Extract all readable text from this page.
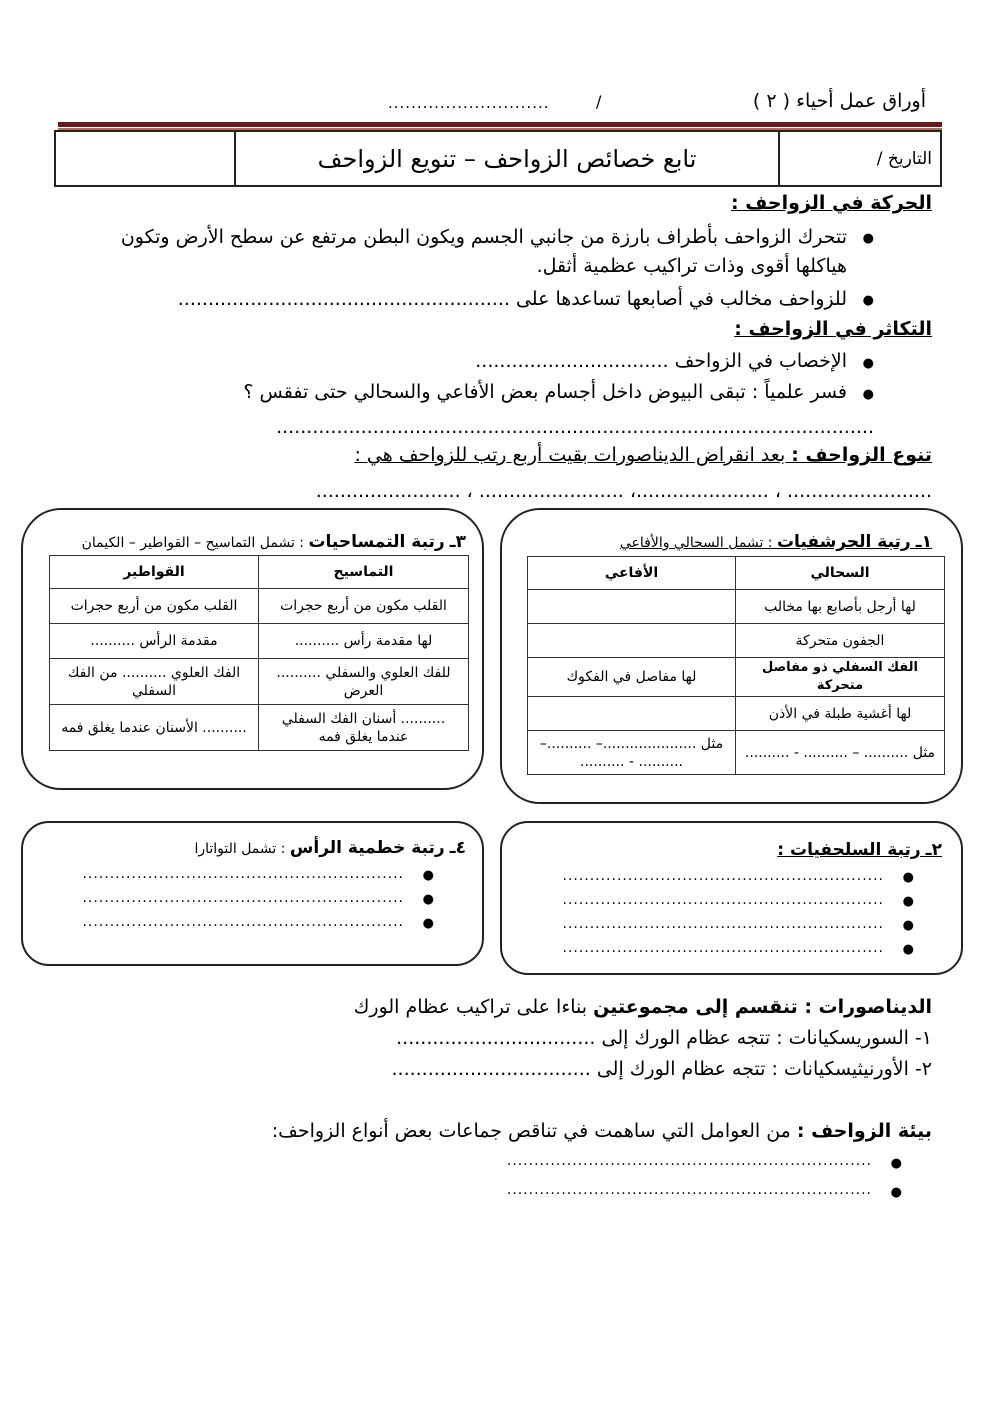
أوراق عمل أحياء ( ٢ )
/
............................
التاريخ /
تابع خصائص الزواحف – تنويع الزواحف
الحركة في الزواحف :
●
تتحرك الزواحف بأطراف بارزة من جانبي الجسم ويكون البطن مرتفع عن سطح الأرض وتكون
هياكلها أقوى وذات تراكيب عظمية أثقل.
●
للزواحف مخالب في أصابعها تساعدها على .......................................................
التكاثر في الزواحف :
●
الإخصاب في الزواحف ................................
●
فسر علمياً : تبقى البيوض داخل أجسام بعض الأفاعي والسحالي حتى تفقس ؟
...................................................................................................
تنوع الزواحف : بعد انقراض الديناصورات بقيت أربع رتب للزواحف هي :
........................ ، ......................، ........................ ، ........................
١ـ رتبة الحرشفيات : تشمل السحالي والأفاعي
السحالي	الأفاعي
لها أرجل بأصابع بها مخالب	
الجفون متحركة	
الفك السفلي ذو مفاصل متحركة	لها مفاصل في الفكوك
لها أغشية طبلة في الأذن	
مثل .......... – .......... - ..........	مثل .....................– ..........– .......... - ..........
٣ـ رتبة التمساحيات : تشمل التماسيح – القواطير – الكيمان
التماسيح	القواطير
القلب مكون من أربع حجرات	القلب مكون من أربع حجرات
لها مقدمة رأس ..........	مقدمة الرأس ..........
للفك العلوي والسفلي .......... العرض	الفك العلوي .......... من الفك السفلي
.......... أسنان الفك السفلي عندما يغلق فمه	.......... الأسنان عندما يغلق فمه
٢ـ رتبة السلحفيات :
●
...........................................................
●
...........................................................
●
...........................................................
●
...........................................................
٤ـ رتبة خطمية الرأس : تشمل التواتارا
●
...........................................................
●
...........................................................
●
...........................................................
الديناصورات : تنقسم إلى مجموعتين بناءا على تراكيب عظام الورك
١- السوريسكيانات : تتجه عظام الورك إلى .................................
٢- الأورنيثيسكيانات : تتجه عظام الورك إلى .................................
بيئة الزواحف : من العوامل التي ساهمت في تناقص جماعات بعض أنواع الزواحف:
●
...................................................................
●
...................................................................
